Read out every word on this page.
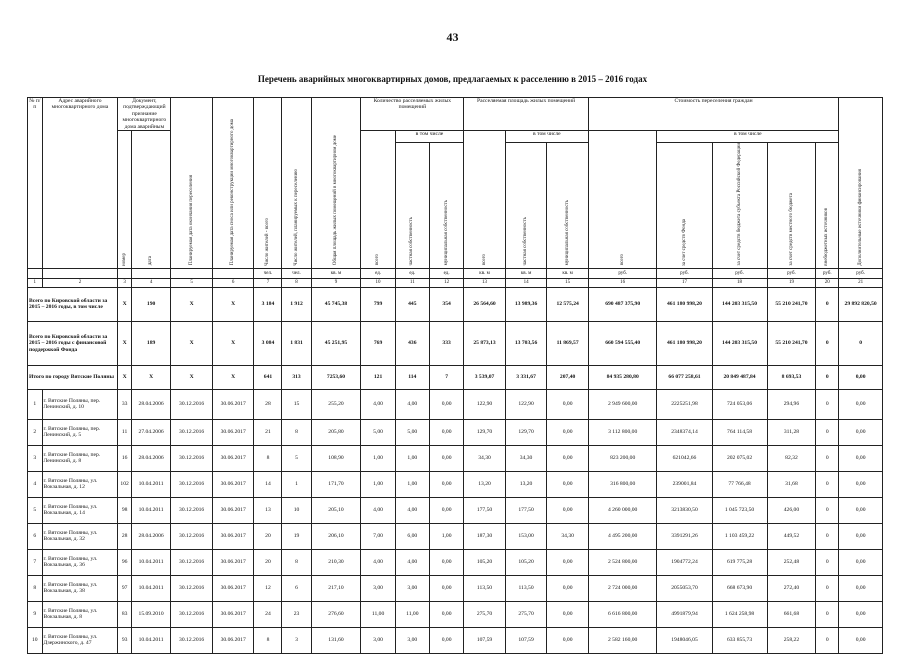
43
Перечень аварийных многоквартирных домов, предлагаемых к расселению в 2015 – 2016 годах
№ п/п	Адрес аварийного многоквартирного дома	Документ, подтверждающий признание многоквартирного дома аварийным		Планируемая дата окончания переселения	Планируемая дата сноса или реконструкции многоквартирного дома	Число жителей - всего	Число жителей, планируемых к переселению	Общая площадь жилых помещений в многоквартирном доме	Количество расселяемых жилых помещений			Расселяемая площадь жилых помещений			Стоимость переселения граждан					Дополнительные источники финансирования
		номер	дата						всего	в том числе		всего	в том числе		всего	в том числе				
										частная собственность	муниципальная собственность		частная собственность	муниципальная собственность		за счет средств Фонда	за счет средств бюджета субъекта Российской Федерации	за счет средств местного бюджета	внебюджетных источников	
						чел.	чел.	кв. м	ед.	ед.	ед.	кв. м	кв. м	кв. м	руб.	руб.	руб.	руб.	руб.	руб.
1	2	3	4	5	6	7	8	9	10	11	12	13	14	15	16	17	18	19	20	21
Всего по Кировской области за 2015 – 2016 годы, в том числе		X	190	X	X	3 184	1 912	45 745,38	799	445	354	26 564,60	13 989,36	12 575,24	690 487 375,90	461 180 998,20	144 203 315,50	55 210 241,70	0	29 892 820,50
Всего по Кировской области за 2015 – 2016 годы с финансовой поддержкой Фонда		X	189	X	X	3 084	1 831	45 251,95	769	436	333	25 873,13	13 703,56	11 869,57	660 594 555,40	461 180 998,20	144 203 315,50	55 210 241,70	0	0
Итого по городу Вятские Поляны		X	X	X	X	641	313	7253,60	121	114	7	3 539,07	3 331,67	207,40	84 935 280,80	66 077 258,61	20 849 487,84	8 693,53	0	0,00
1	г. Вятские Поляны, пер. Ленинский, д. 10	33	28.04.2006	30.12.2016	30.06.2017	28	15	255,20	4,00	4,00	0,00	122,90	122,90	0,00	2 949 600,00	2225251,98	724 053,06	294,96	0	0,00
2	г. Вятские Поляны, пер. Ленинский, д. 5	11	27.04.2006	30.12.2016	30.06.2017	21	8	205,80	5,00	5,00	0,00	129,70	129,70	0,00	3 112 800,00	2348374,14	764 114,58	311,28	0	0,00
3	г. Вятские Поляны, пер. Ленинский, д. 8	16	28.04.2006	30.12.2016	30.06.2017	8	5	108,90	1,00	1,00	0,00	34,30	34,30	0,00	823 200,00	621042,66	202 075,02	82,32	0	0,00
4	г. Вятские Поляны, ул. Вокзальная, д. 12	102	10.04.2011	30.12.2016	30.06.2017	14	1	171,70	1,00	1,00	0,00	13,20	13,20	0,00	316 800,00	239001,84	77 766,48	31,68	0	0,00
5	г. Вятские Поляны, ул. Вокзальная, д. 14	98	10.04.2011	30.12.2016	30.06.2017	13	10	205,10	4,00	4,00	0,00	177,50	177,50	0,00	4 260 000,00	3213830,50	1 045 723,50	426,00	0	0,00
6	г. Вятские Поляны, ул. Вокзальная, д. 32	28	28.04.2006	30.12.2016	30.06.2017	20	19	206,10	7,00	6,00	1,00	187,30	153,00	34,30	4 495 200,00	3391291,26	1 103 459,22	449,52	0	0,00
7	г. Вятские Поляны, ул. Вокзальная, д. 36	96	10.04.2011	30.12.2016	30.06.2017	20	8	210,30	4,00	4,00	0,00	105,20	105,20	0,00	2 524 800,00	1904772,24	619 775,28	252,48	0	0,00
8	г. Вятские Поляны, ул. Вокзальная, д. 38	97	10.04.2011	30.12.2016	30.06.2017	12	6	217,10	3,00	3,00	0,00	113,50	113,50	0,00	2 724 000,00	2055053,70	668 673,90	272,40	0	0,00
9	г. Вятские Поляны, ул. Вокзальная, д. 8	83	15.09.2010	30.12.2016	30.06.2017	24	23	276,60	11,00	11,00	0,00	275,70	275,70	0,00	6 616 800,00	4991879,94	1 624 258,98	661,68	0	0,00
10	г. Вятские Поляны, ул. Дзержинского, д. 47	93	10.04.2011	30.12.2016	30.06.2017	8	3	131,60	3,00	3,00	0,00	107,59	107,59	0,00	2 582 160,00	1948046,05	633 855,73	258,22	0	0,00
